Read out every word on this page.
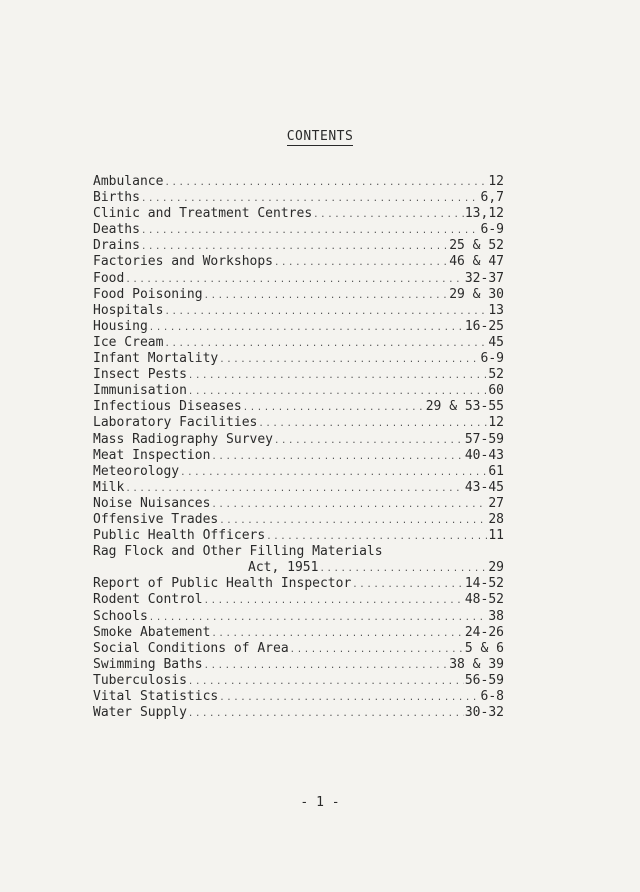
CONTENTS
Ambulance .....	12
Births .....	6,7
Clinic and Treatment Centres .....	13,12
Deaths .....	6-9
Drains .....	25 & 52
Factories and Workshops .....	46 & 47
Food .....	32-37
Food Poisoning .....	29 & 30
Hospitals .....	13
Housing .....	16-25
Ice Cream .....	45
Infant Mortality .....	6-9
Insect Pests .....	52
Immunisation .....	60
Infectious Diseases .....	29 & 53-55
Laboratory Facilities .....	12
Mass Radiography Survey .....	57-59
Meat Inspection .....	40-43
Meteorology .....	61
Milk .....	43-45
Noise Nuisances .....	27
Offensive Trades .....	28
Public Health Officers .....	11
Rag Flock and Other Filling Materials
Act, 1951 .....	29
Report of Public Health Inspector .....	14-52
Rodent Control .....	48-52
Schools .....	38
Smoke Abatement .....	24-26
Social Conditions of Area .....	5 & 6
Swimming Baths .....	38 & 39
Tuberculosis .....	56-59
Vital Statistics .....	6-8
Water Supply .....	30-32
- 1 -
